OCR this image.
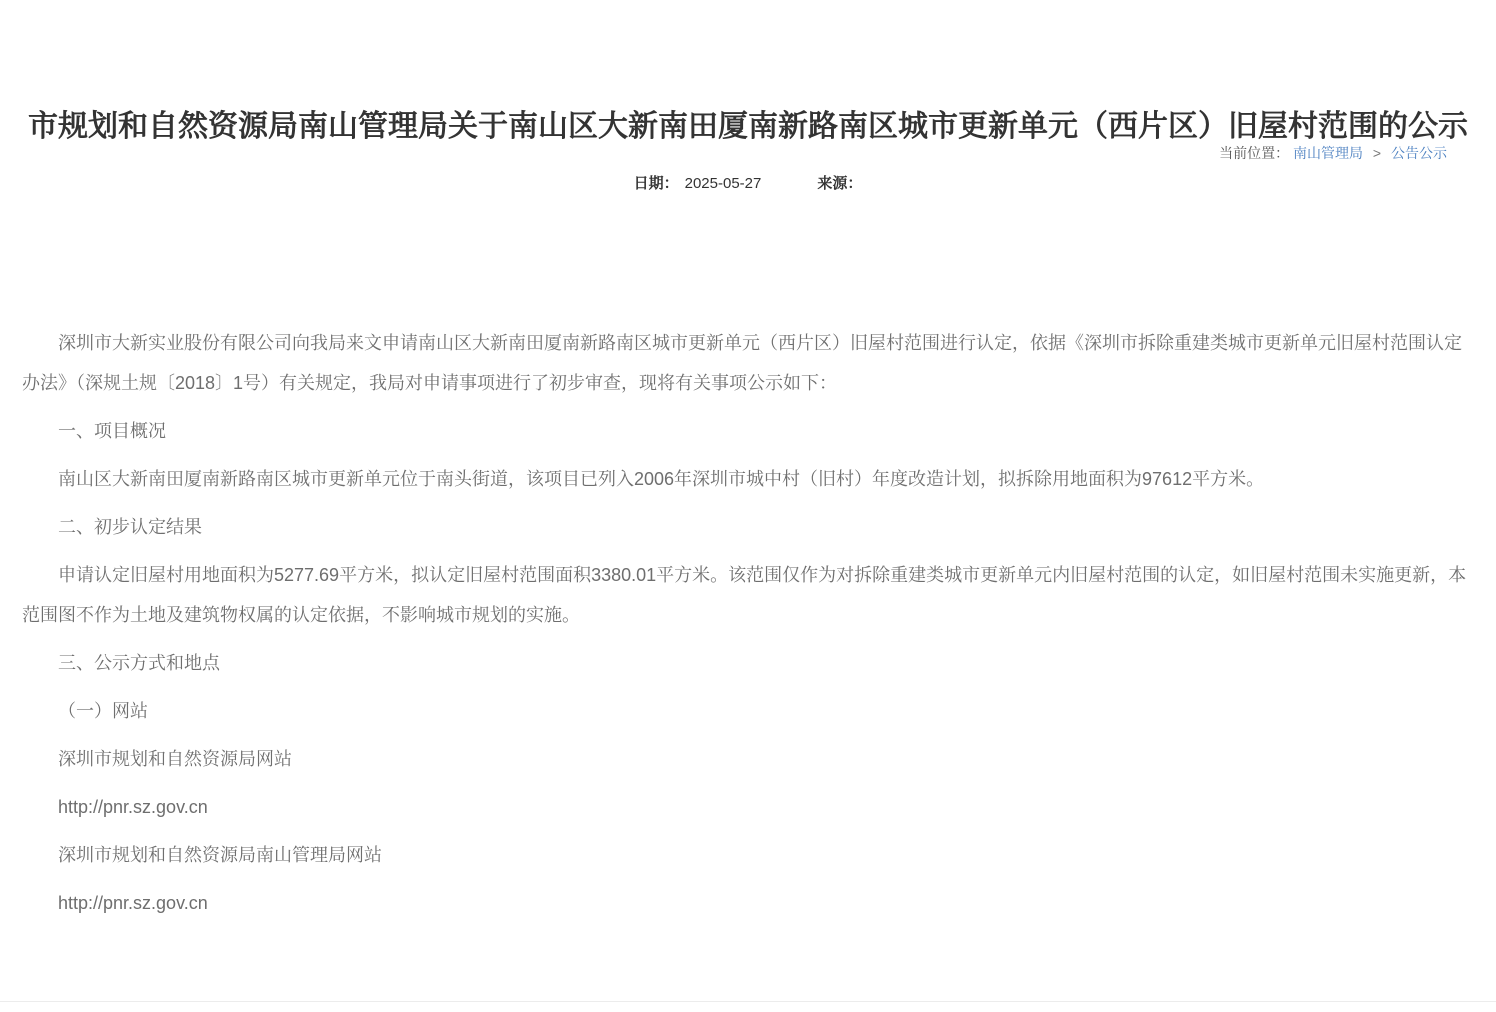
当前位置： 南山管理局 > 公告公示
市规划和自然资源局南山管理局关于南山区大新南田厦南新路南区城市更新单元（西片区）旧屋村范围的公示
日期： 2025-05-27	来源：

深圳市大新实业股份有限公司向我局来文申请南山区大新南田厦南新路南区城市更新单元（西片区）旧屋村范围进行认定，依据《深圳市拆除重建类城市更新单元旧屋村范围认定办法》（深规土规〔2018〕1号）有关规定，我局对申请事项进行了初步审查，现将有关事项公示如下：

一、项目概况

南山区大新南田厦南新路南区城市更新单元位于南头街道，该项目已列入2006年深圳市城中村（旧村）年度改造计划，拟拆除用地面积为97612平方米。

二、初步认定结果

申请认定旧屋村用地面积为5277.69平方米，拟认定旧屋村范围面积3380.01平方米。该范围仅作为对拆除重建类城市更新单元内旧屋村范围的认定，如旧屋村范围未实施更新，本范围图不作为土地及建筑物权属的认定依据，不影响城市规划的实施。

三、公示方式和地点

（一）网站

深圳市规划和自然资源局网站

http://pnr.sz.gov.cn

深圳市规划和自然资源局南山管理局网站

http://pnr.sz.gov.cn
